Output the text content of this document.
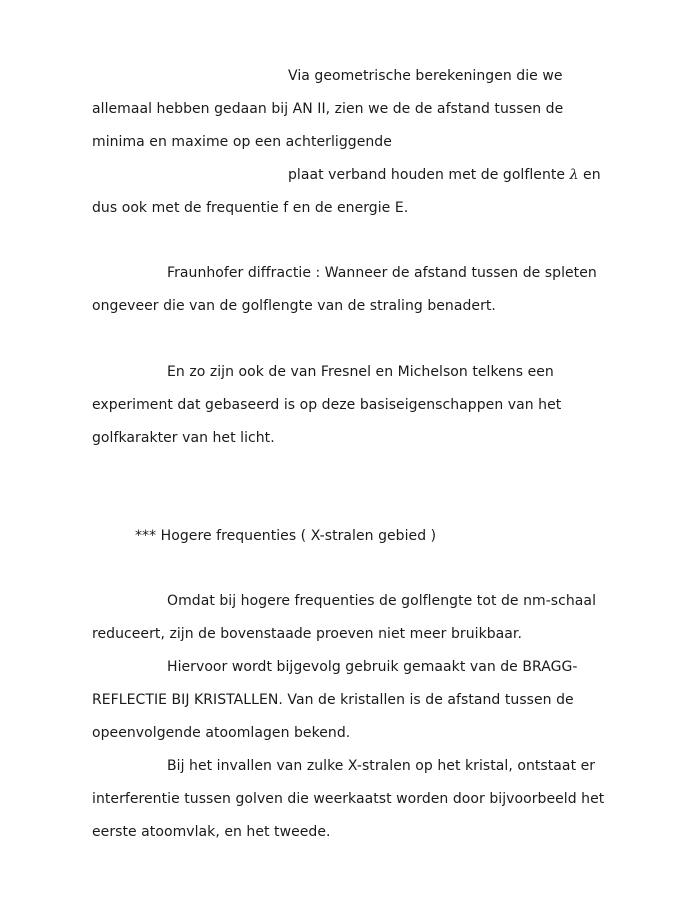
Via geometrische berekeningen die we
allemaal hebben gedaan bij AN II, zien we de de afstand tussen de
minima en maxime op een achterliggende
plaat verband houden met de golflente λ en
dus ook met de frequentie f en de energie E.
Fraunhofer diffractie : Wanneer de afstand tussen de spleten
ongeveer die van de golflengte van de straling benadert.
En zo zijn ook de van Fresnel en Michelson telkens een
experiment dat gebaseerd is op deze basiseigenschappen van het
golfkarakter van het licht.
*** Hogere frequenties ( X-stralen gebied )
Omdat bij hogere frequenties de golflengte tot de nm-schaal
reduceert, zijn de bovenstaade proeven niet meer bruikbaar.
Hiervoor wordt bijgevolg gebruik gemaakt van de BRAGG-
REFLECTIE BIJ KRISTALLEN. Van de kristallen is de afstand tussen de
opeenvolgende atoomlagen bekend.
Bij het invallen van zulke X-stralen op het kristal, ontstaat er
interferentie tussen golven die weerkaatst worden door bijvoorbeeld het
eerste atoomvlak, en het tweede.
